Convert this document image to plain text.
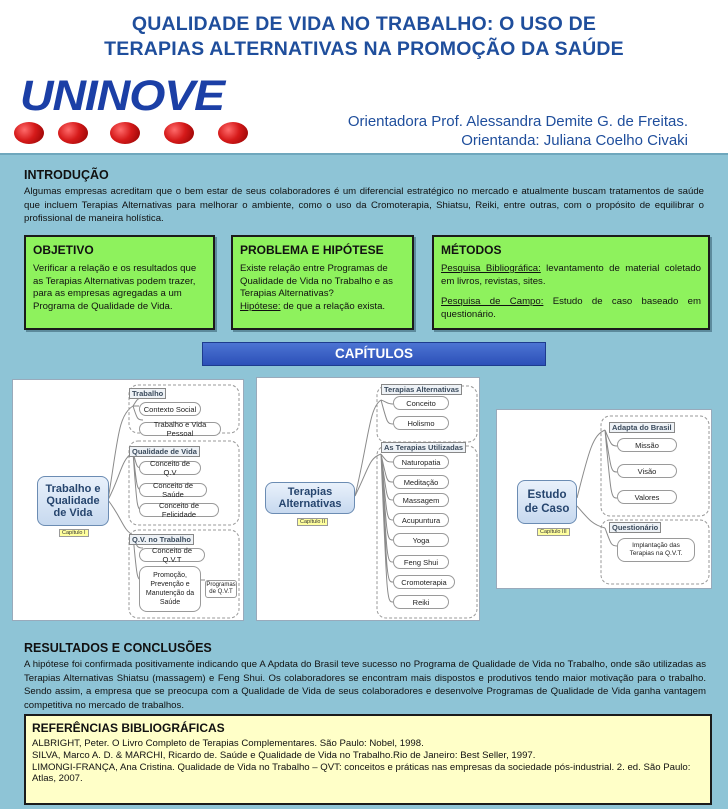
QUALIDADE DE VIDA NO TRABALHO: O USO DE
TERAPIAS ALTERNATIVAS NA PROMOÇÃO DA SAÚDE
UNINOVE
Orientadora Prof. Alessandra Demite G. de Freitas.
Orientanda: Juliana Coelho Civaki
INTRODUÇÃO
Algumas empresas acreditam que o bem estar de seus colaboradores é um diferencial estratégico no mercado e atualmente buscam tratamentos de saúde que incluem Terapias Alternativas para melhorar o ambiente, como o uso da Cromoterapia, Shiatsu, Reiki, entre outras, com o propósito de equilibrar o profissional de maneira holística.
OBJETIVO

Verificar a relação e os resultados que as Terapias Alternativas podem trazer, para as empresas agregadas a um Programa de Qualidade de Vida.

PROBLEMA E HIPÓTESE

Existe relação entre Programas de Qualidade de Vida no Trabalho e as Terapias Alternativas?
Hipótese: de que a relação exista.

MÉTODOS

Pesquisa Bibliográfica: levantamento de material coletado em livros, revistas, sites.

Pesquisa de Campo: Estudo de caso baseado em questionário.

CAPÍTULOS
Trabalho e
Qualidade
de Vida
Capítulo I
Trabalho
Contexto Social
Trabalho e Vida Pessoal
Qualidade de Vida
Conceito de Q.V
Conceito de Saúde
Conceito de Felicidade
Q.V. no Trabalho
Conceito de Q.V.T
Promoção,
Prevenção e
Manutenção da
Saúde
Programas
de Q.V.T
Terapias
Alternativas
Capítulo II
Terapias Alternativas
Conceito
Holismo
As Terapias Utilizadas
Naturopatia
Meditação
Massagem
Acupuntura
Yoga
Feng Shui
Cromoterapia
Reiki
Estudo
de Caso
Capítulo III
Adapta do Brasil
Missão
Visão
Valores
Questionário
Implantação das Terapias na Q.V.T.
RESULTADOS E CONCLUSÕES
A hipótese foi confirmada positivamente indicando que A Apdata do Brasil teve sucesso no Programa de Qualidade de Vida no Trabalho, onde são utilizadas as Terapias Alternativas Shiatsu (massagem) e Feng Shui. Os colaboradores se encontram mais dispostos e produtivos tendo maior motivação para o trabalho. Sendo assim, a empresa que se preocupa com a Qualidade de Vida de seus colaboradores e desenvolve Programas de Qualidade de Vida ganha vantagem competitiva no mercado de trabalhos.
REFERÊNCIAS BIBLIOGRÁFICAS

ALBRIGHT, Peter. O Livro Completo de Terapias Complementares. São Paulo: Nobel, 1998.

SILVA, Marco A. D. & MARCHI, Ricardo de. Saúde e Qualidade de Vida no Trabalho.Rio de Janeiro: Best Seller, 1997.

LIMONGI-FRANÇA, Ana Cristina. Qualidade de Vida no Trabalho – QVT: conceitos e práticas nas empresas da sociedade pós-industrial. 2. ed. São Paulo: Atlas, 2007.
